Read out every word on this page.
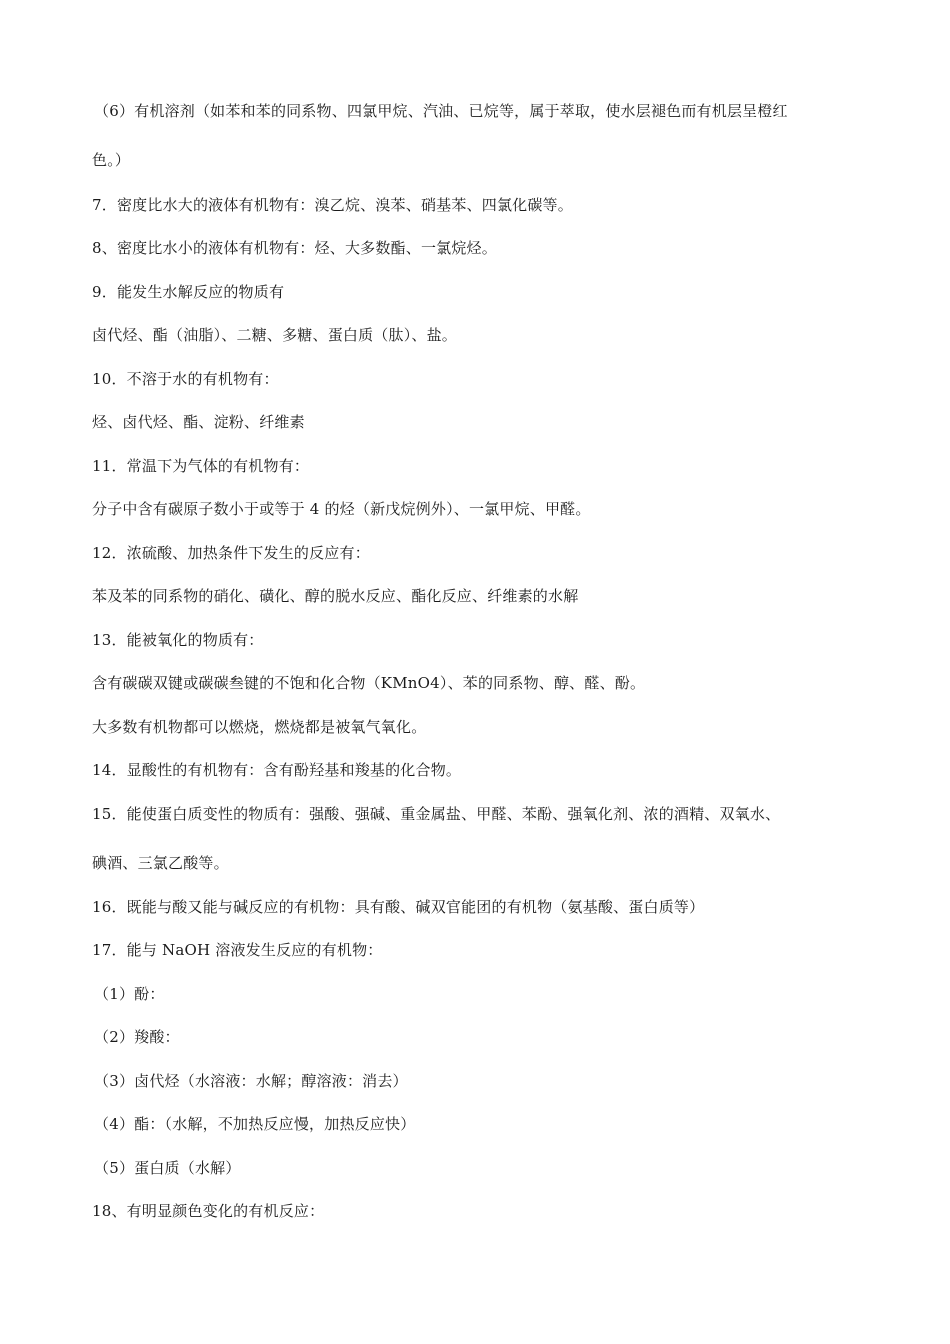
（6）有机溶剂（如苯和苯的同系物、四氯甲烷、汽油、已烷等，属于萃取，使水层褪色而有机层呈橙红
色。）
7．密度比水大的液体有机物有：溴乙烷、溴苯、硝基苯、四氯化碳等。
8、密度比水小的液体有机物有：烃、大多数酯、一氯烷烃。
9．能发生水解反应的物质有
卤代烃、酯（油脂）、二糖、多糖、蛋白质（肽）、盐。
10．不溶于水的有机物有：
烃、卤代烃、酯、淀粉、纤维素
11．常温下为气体的有机物有：
分子中含有碳原子数小于或等于 4 的烃（新戊烷例外）、一氯甲烷、甲醛。
12．浓硫酸、加热条件下发生的反应有：
苯及苯的同系物的硝化、磺化、醇的脱水反应、酯化反应、纤维素的水解
13．能被氧化的物质有：
含有碳碳双键或碳碳叁键的不饱和化合物（KMnO4）、苯的同系物、醇、醛、酚。
大多数有机物都可以燃烧，燃烧都是被氧气氧化。
14．显酸性的有机物有：含有酚羟基和羧基的化合物。
15．能使蛋白质变性的物质有：强酸、强碱、重金属盐、甲醛、苯酚、强氧化剂、浓的酒精、双氧水、
碘酒、三氯乙酸等。
16．既能与酸又能与碱反应的有机物：具有酸、碱双官能团的有机物（氨基酸、蛋白质等）
17．能与 NaOH 溶液发生反应的有机物：
（1）酚：
（2）羧酸：
（3）卤代烃（水溶液：水解；醇溶液：消去）
（4）酯：（水解，不加热反应慢，加热反应快）
（5）蛋白质（水解）
18、有明显颜色变化的有机反应：
